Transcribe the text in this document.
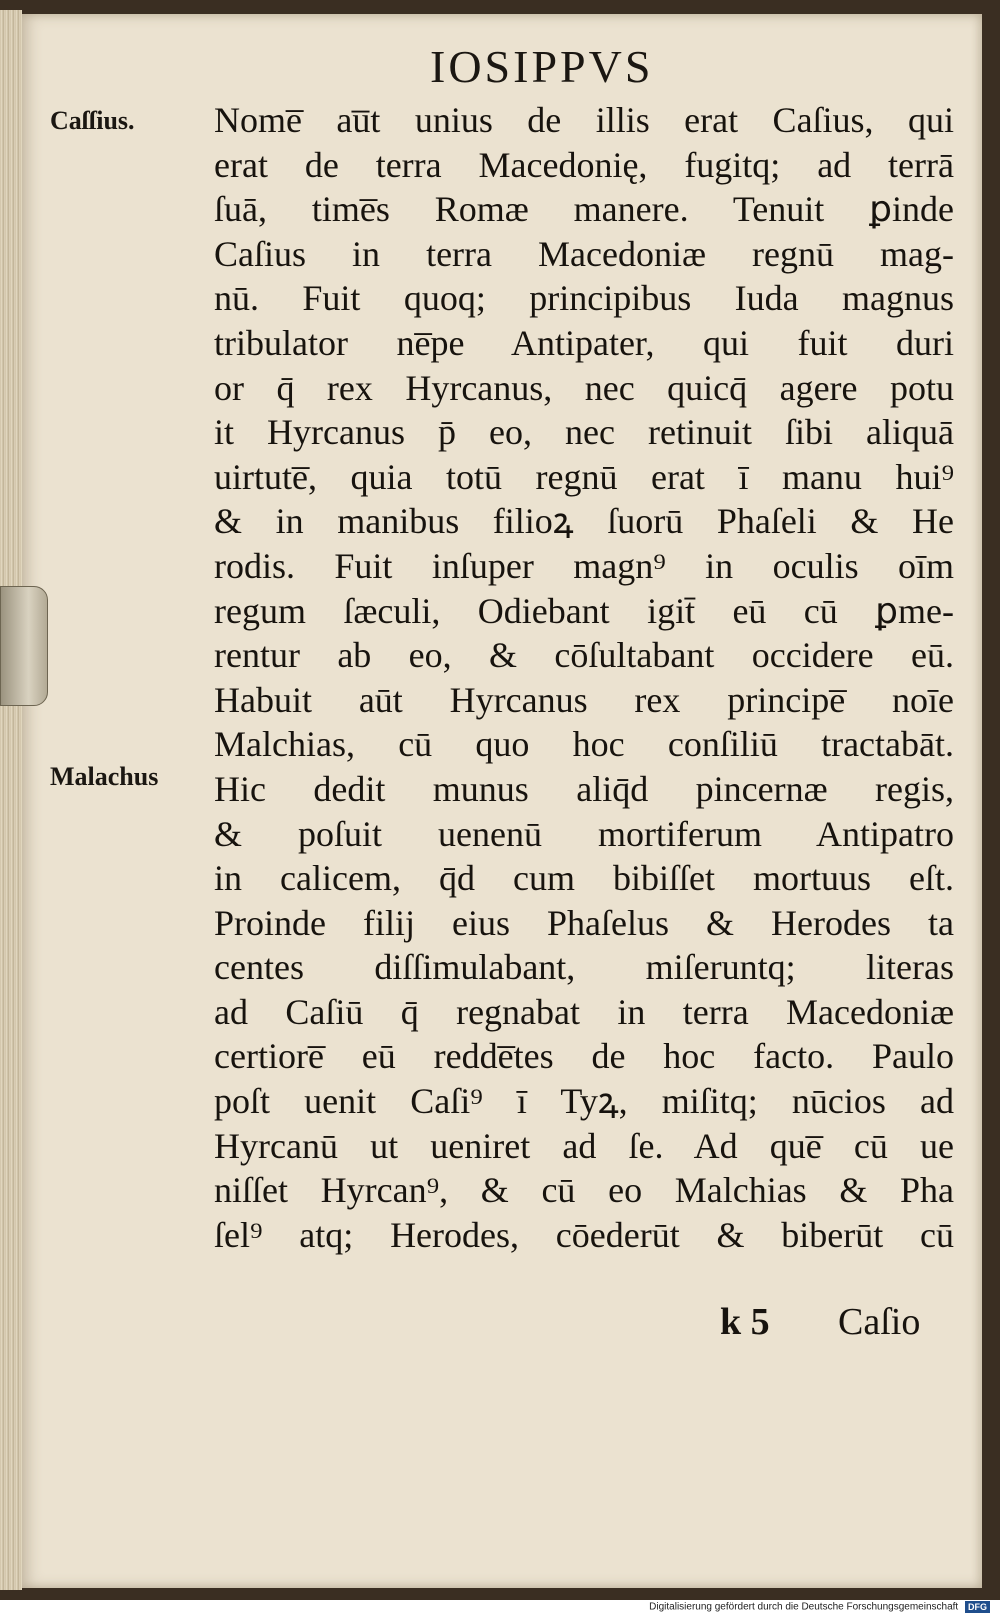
IOSIPPVS
Caſſius.
Malachus
Nome̅ au̅t unius de illis erat Caſius, qui
erat de terra Macedonię, fugitq; ad terrā
ſuā, time̅s Romæ manere. Tenuit ꝑinde
Caſius in terra Macedoniæ regnū mag-
nū. Fuit quoq; principibus Iuda magnus
tribulator ne̅pe Antipater, qui fuit duri
or q̄ rex Hyrcanus, nec quicq̄ agere potu
it Hyrcanus p̄ eo, nec retinuit ſibi aliquā
uirtute̅, quia totū regnū erat ī manu hui⁹
& in manibus filioꝝ ſuorū Phaſeli & He
rodis. Fuit inſuper magn⁹ in oculis oīm
regum ſæculi, Odiebant igit̄ eū cū ꝑme-
rentur ab eo, & cōſultabant occidere eū.
Habuit aūt Hyrcanus rex principe̅ noīe
Malchias, cū quo hoc conſiliū tractabāt.
Hic dedit munus aliq̄d pincernæ regis,
& poſuit uenenū mortiferum Antipatro
in calicem, q̄d cum bibiſſet mortuus eſt.
Proinde filij eius Phaſelus & Herodes ta
centes diſſimulabant, miſeruntq; literas
ad Caſiū q̄ regnabat in terra Macedoniæ
certiore̅ eū redde̅tes de hoc facto. Paulo
poſt uenit Caſi⁹ ī Tyꝝ, miſitq; nūcios ad
Hyrcanū ut ueniret ad ſe. Ad que̅ cū ue
niſſet Hyrcan⁹, & cū eo Malchias & Pha
ſel⁹ atq; Herodes, cōederūt & biberūt cū
k 5 Caſio
Digitalisierung gefördert durch die Deutsche Forschungsgemeinschaft DFG
